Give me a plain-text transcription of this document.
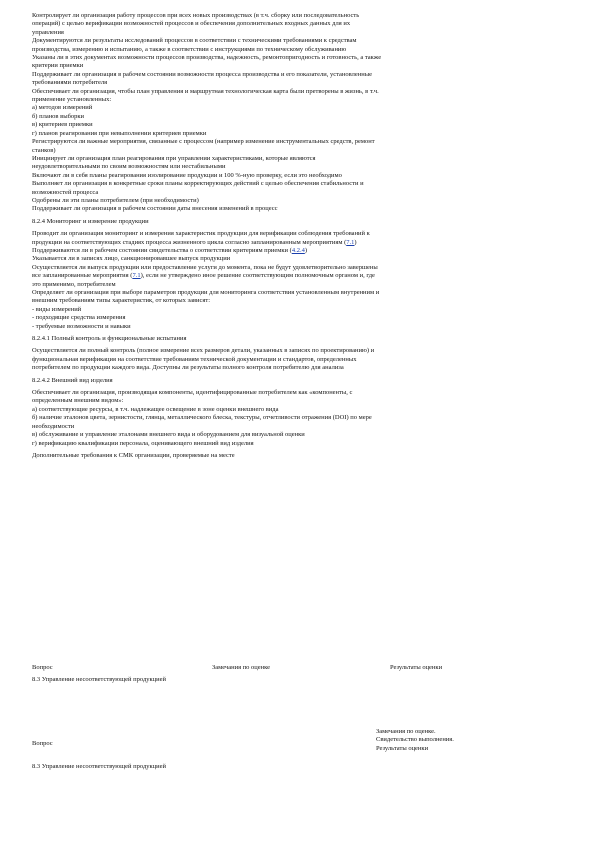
Контролирует ли организация работу процессов при всех новых производствах (в т.ч. сборку или последовательность операций) с целью верификации возможностей процессов и обеспечения дополнительных входных данных для их управления

Документируются ли результаты исследований процессов в соответствии с техническими требованиями к средствам производства, измерению и испытанию, а также в соответствии с инструкциями по техническому обслуживанию

Указаны ли в этих документах возможности процессов производства, надежность, ремонтопригодность и готовность, а также критерии приемки

Поддерживает ли организация в рабочем состоянии возможности процесса производства и его показатели, установленные требованиями потребителя

Обеспечивает ли организация, чтобы план управления и маршрутная технологическая карта были претворены в жизнь, в т.ч. применение установленных:

а) методов измерений

б) планов выборки

в) критериев приемки

г) планов реагирования при невыполнении критериев приемки

Регистрируются ли важные мероприятия, связанные с процессом (например изменение инструментальных средств, ремонт станков)

Инициирует ли организация план реагирования при управлении характеристиками, которые являются неудовлетворительными по своим возможностям или нестабильными

Включают ли в себя планы реагирования изолирование продукции и 100 %-ную проверку, если это необходимо

Выполняет ли организация в конкретные сроки планы корректирующих действий с целью обеспечения стабильности и возможностей процесса

Одобрены ли эти планы потребителем (при необходимости)

Поддерживает ли организация в рабочем состоянии даты внесения изменений в процесс

8.2.4 Мониторинг и измерение продукции

Проводит ли организация мониторинг и измерения характеристик продукции для верификации соблюдения требований к продукции на соответствующих стадиях процесса жизненного цикла согласно запланированным мероприятиям (7.1)

Поддерживаются ли в рабочем состоянии свидетельства о соответствии критериям приемки (4.2.4)

Указывается ли в записях лицо, санкционировавшее выпуск продукции

Осуществляется ли выпуск продукции или предоставление услуги до момента, пока не будут удовлетворительно завершены все запланированные мероприятия (7.1), если не утверждено иное решение соответствующим полномочным органом и, где это применимо, потребителем

Определяет ли организация при выборе параметров продукции для мониторинга соответствия установленным внутренним и внешним требованиям типы характеристик, от которых зависят:

- виды измерений

- подходящие средства измерения

- требуемые возможности и навыки

8.2.4.1 Полный контроль и функциональные испытания

Осуществляется ли полный контроль (полное измерение всех размеров детали, указанных в записях по проектированию) и функциональная верификация на соответствие требованиям технической документации и стандартов, определенных потребителем по продукции каждого вида. Доступны ли результаты полного контроля потребителю для анализа

8.2.4.2 Внешний вид изделия

Обеспечивает ли организация, производящая компоненты, идентифицированные потребителем как «компоненты, с определенным внешним видом»:

а) соответствующие ресурсы, в т.ч. надлежащее освещение в зоне оценки внешнего вида

б) наличие эталонов цвета, зернистости, глянца, металлического блеска, текстуры, отчетливости отражения (DOI) по мере необходимости

в) обслуживание и управление эталонами внешнего вида и оборудованием для визуальной оценки

г) верификацию квалификации персонала, оценивающего внешний вид изделия

Дополнительные требования к СМК организации, проверяемые на месте

Вопрос	Замечания по оценке	Результаты оценки
8.3 Управление несоответствующей продукцией
Замечания по оценке.
Свидетельство выполнения.
Результаты оценки
Вопрос
8.3 Управление несоответствующей продукцией
